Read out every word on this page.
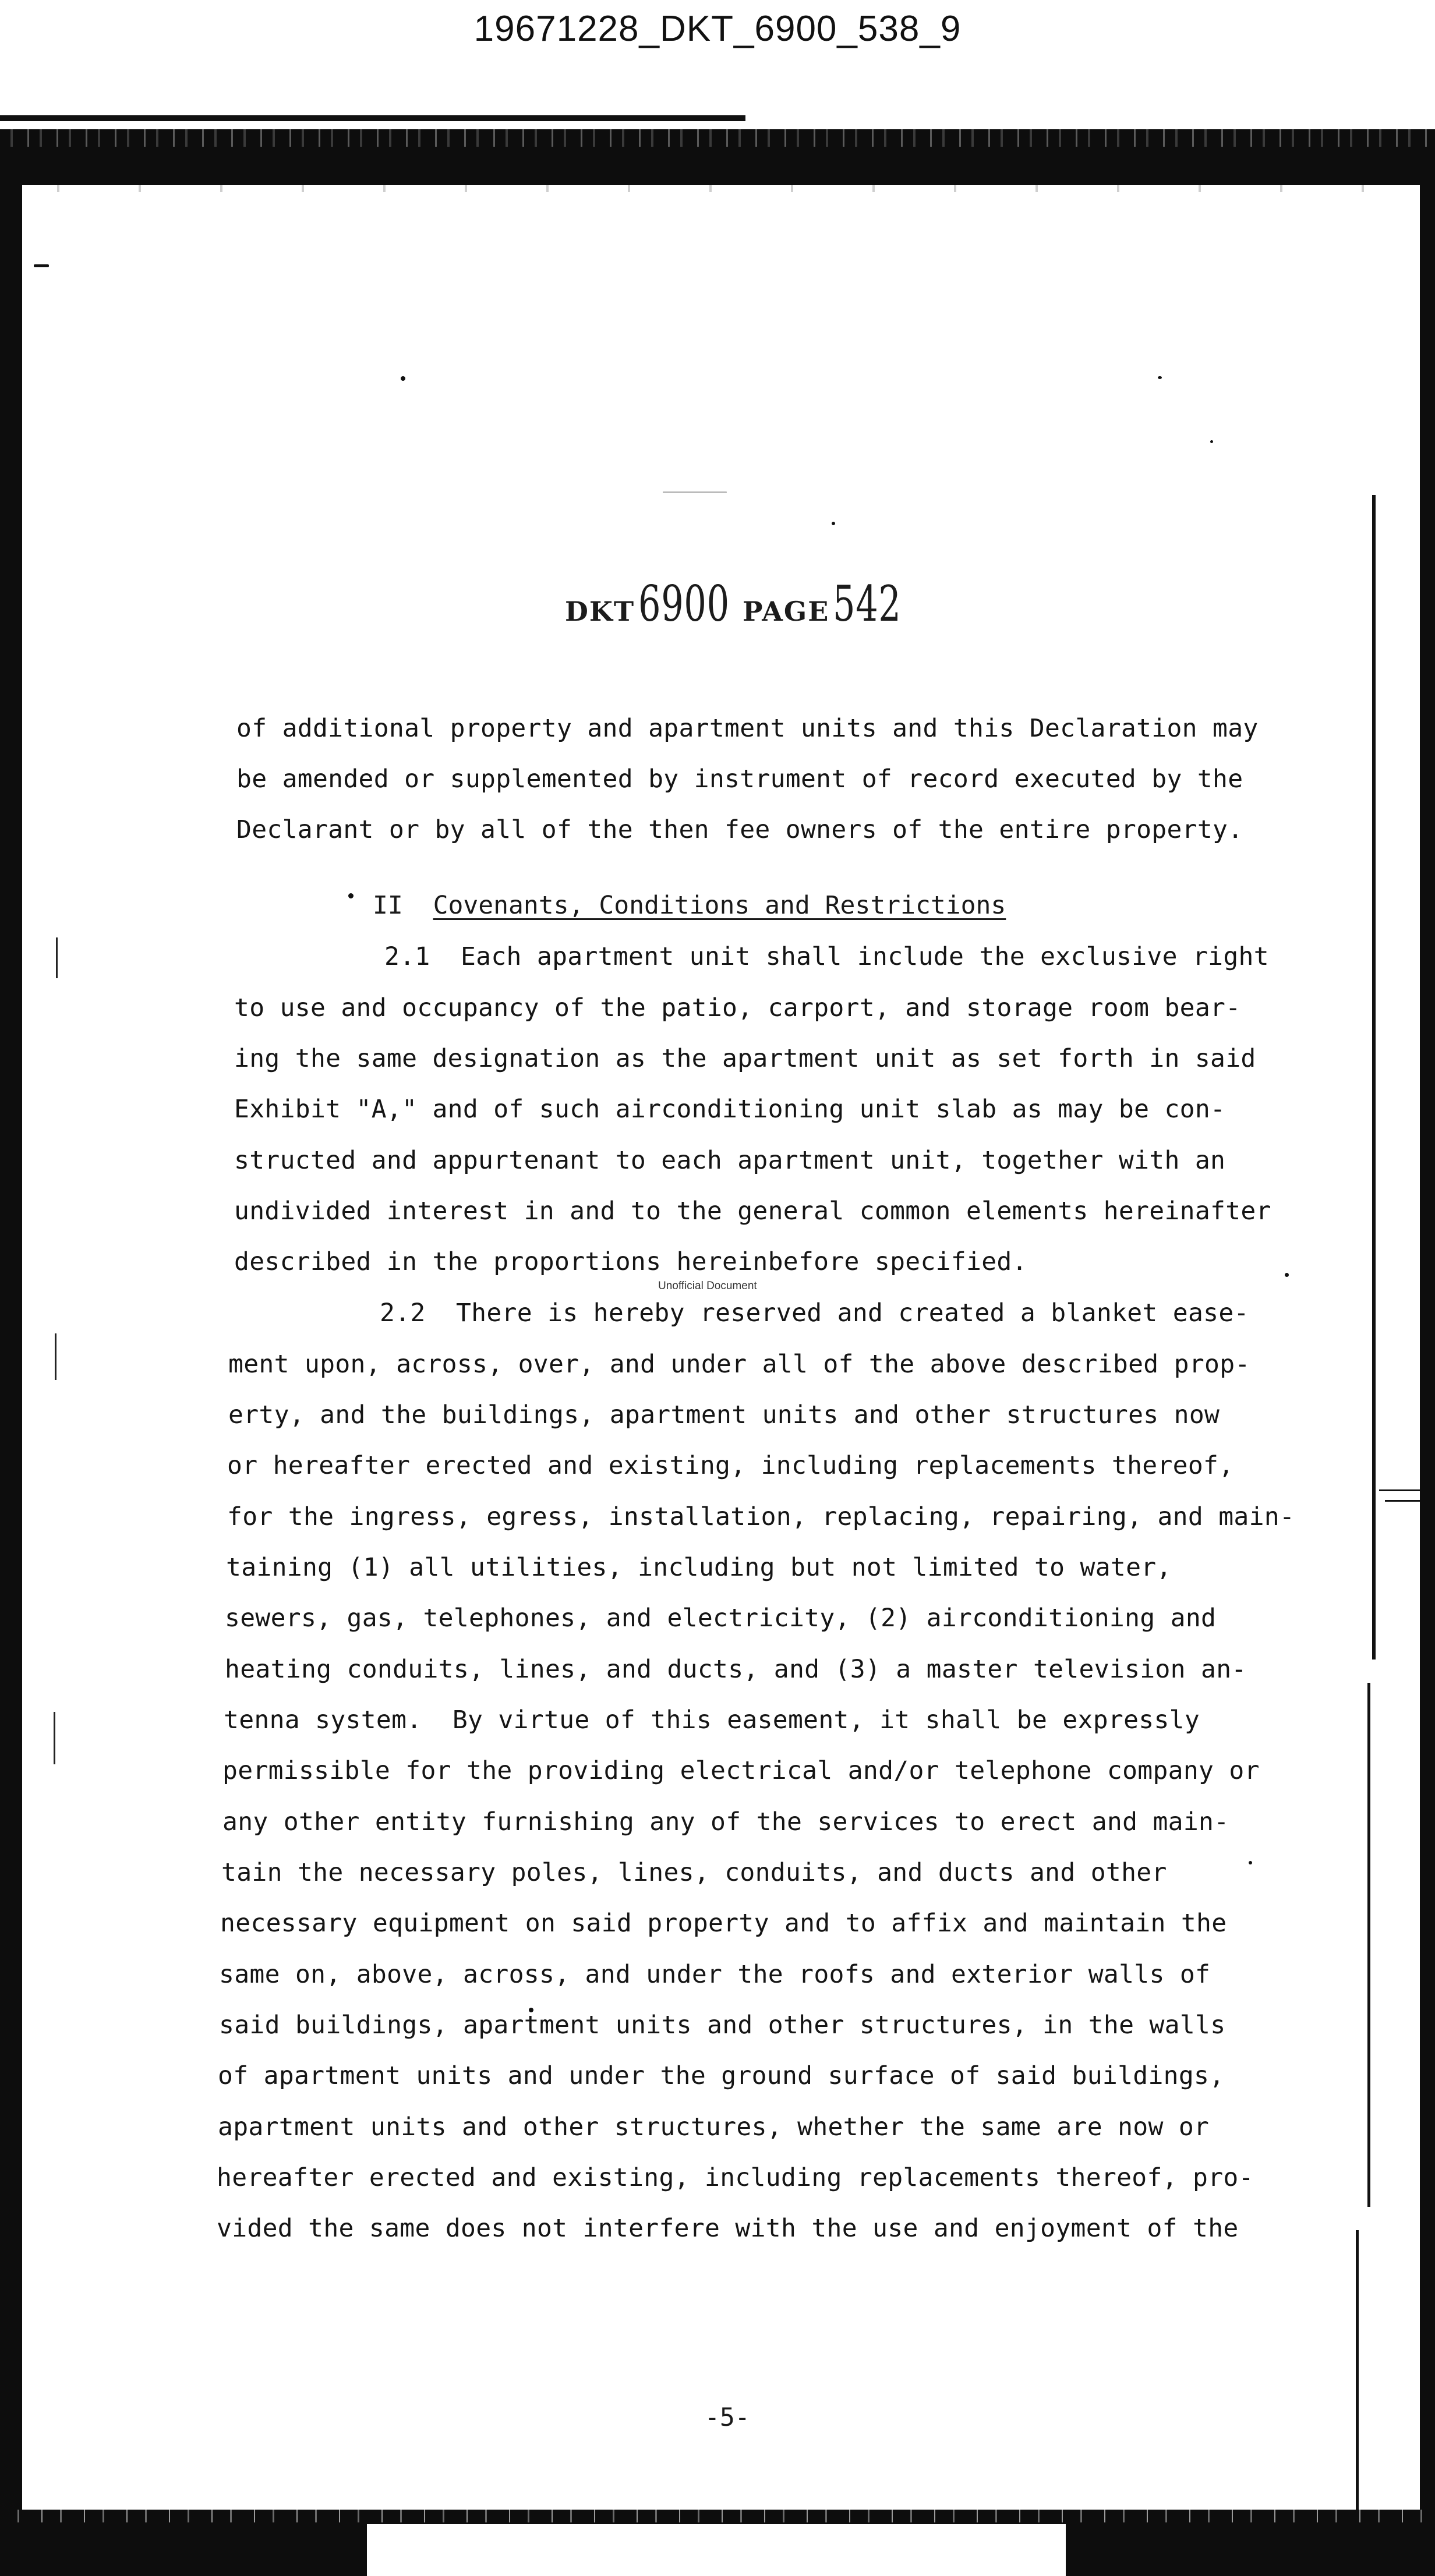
19671228_DKT_6900_538_9
DKT6900 PAGE542
of additional property and apartment units and this Declaration may
be amended or supplemented by instrument of record executed by the
Declarant or by all of the then fee owners of the entire property.
II Covenants, Conditions and Restrictions
2.1  Each apartment unit shall include the exclusive right
to use and occupancy of the patio, carport, and storage room bear-
ing the same designation as the apartment unit as set forth in said
Exhibit "A," and of such airconditioning unit slab as may be con-
structed and appurtenant to each apartment unit, together with an
undivided interest in and to the general common elements hereinafter
described in the proportions hereinbefore specified.
Unofficial Document
2.2  There is hereby reserved and created a blanket ease-
ment upon, across, over, and under all of the above described prop-
erty, and the buildings, apartment units and other structures now
or hereafter erected and existing, including replacements thereof,
for the ingress, egress, installation, replacing, repairing, and main-
taining (1) all utilities, including but not limited to water,
sewers, gas, telephones, and electricity, (2) airconditioning and
heating conduits, lines, and ducts, and (3) a master television an-
tenna system.  By virtue of this easement, it shall be expressly
permissible for the providing electrical and/or telephone company or
any other entity furnishing any of the services to erect and main-
tain the necessary poles, lines, conduits, and ducts and other
necessary equipment on said property and to affix and maintain the
same on, above, across, and under the roofs and exterior walls of
said buildings, apartment units and other structures, in the walls
of apartment units and under the ground surface of said buildings,
apartment units and other structures, whether the same are now or
hereafter erected and existing, including replacements thereof, pro-
vided the same does not interfere with the use and enjoyment of the
-5-
